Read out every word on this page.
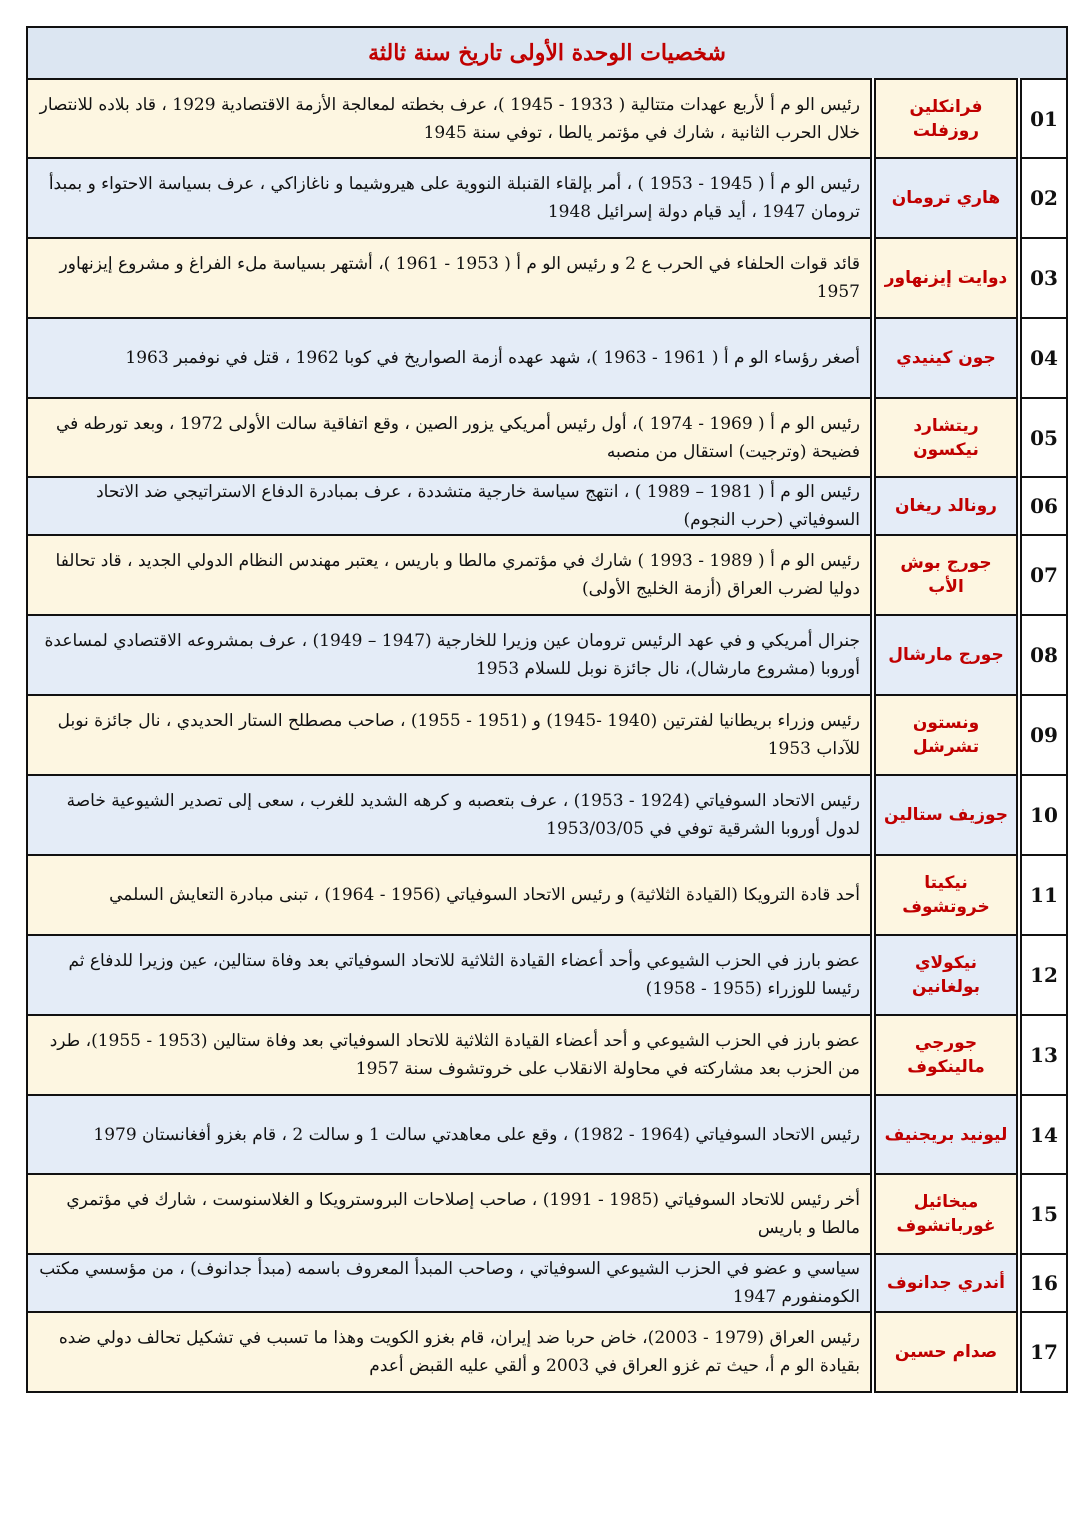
شخصيات الوحدة الأولى تاريخ سنة ثالثة		
01	فرانكلين روزفلت	رئيس الو م أ لأربع عهدات متتالية ( 1933 - 1945 )، عرف بخطته لمعالجة الأزمة الاقتصادية 1929 ، قاد بلاده للانتصار خلال الحرب الثانية ، شارك في مؤتمر يالطا ، توفي سنة 1945
02	هاري ترومان	رئيس الو م أ ( 1945 - 1953 ) ، أمر بإلقاء القنبلة النووية على هيروشيما و ناغازاكي ، عرف بسياسة الاحتواء و بمبدأ ترومان 1947 ، أيد قيام دولة إسرائيل 1948
03	دوايت إيزنهاور	قائد قوات الحلفاء في الحرب ع 2 و رئيس الو م أ ( 1953 - 1961 )، أشتهر بسياسة ملء الفراغ و مشروع إيزنهاور 1957
04	جون كينيدي	أصغر رؤساء الو م أ ( 1961 - 1963 )، شهد عهده أزمة الصواريخ في كوبا 1962 ، قتل في نوفمبر 1963
05	ريتشارد نيكسون	رئيس الو م أ ( 1969 - 1974 )، أول رئيس أمريكي يزور الصين ، وقع اتفاقية سالت الأولى 1972 ، وبعد تورطه في فضيحة (وترجيت) استقال من منصبه
06	رونالد ريغان	رئيس الو م أ ( 1981 – 1989 ) ، انتهج سياسة خارجية متشددة ، عرف بمبادرة الدفاع الاستراتيجي ضد الاتحاد السوفياتي (حرب النجوم)
07	جورج بوش الأب	رئيس الو م أ ( 1989 - 1993 ) شارك في مؤتمري مالطا و باريس ، يعتبر مهندس النظام الدولي الجديد ، قاد تحالفا دوليا لضرب العراق (أزمة الخليج الأولى)
08	جورج مارشال	جنرال أمريكي و في عهد الرئيس ترومان عين وزيرا للخارجية (1947 – 1949) ، عرف بمشروعه الاقتصادي لمساعدة أوروبا (مشروع مارشال)، نال جائزة نوبل للسلام 1953
09	ونستون تشرشل	رئيس وزراء بريطانيا لفترتين (1940 -1945) و (1951 - 1955) ، صاحب مصطلح الستار الحديدي ، نال جائزة نوبل للآداب 1953
10	جوزيف ستالين	رئيس الاتحاد السوفياتي (1924 - 1953) ، عرف بتعصبه و كرهه الشديد للغرب ، سعى إلى تصدير الشيوعية خاصة لدول أوروبا الشرقية توفي في 1953/03/05
11	نيكيتا خروتشوف	أحد قادة الترويكا (القيادة الثلاثية) و رئيس الاتحاد السوفياتي (1956 - 1964) ، تبنى مبادرة التعايش السلمي
12	نيكولاي بولغانين	عضو بارز في الحزب الشيوعي وأحد أعضاء القيادة الثلاثية للاتحاد السوفياتي بعد وفاة ستالين، عين وزيرا للدفاع ثم رئيسا للوزراء (1955 - 1958)
13	جورجي مالينكوف	عضو بارز في الحزب الشيوعي و أحد أعضاء القيادة الثلاثية للاتحاد السوفياتي بعد وفاة ستالين (1953 - 1955)، طرد من الحزب بعد مشاركته في محاولة الانقلاب على خروتشوف سنة 1957
14	ليونيد بريجنيف	رئيس الاتحاد السوفياتي (1964 - 1982) ، وقع على معاهدتي سالت 1 و سالت 2 ، قام بغزو أفغانستان 1979
15	ميخائيل غورباتشوف	أخر رئيس للاتحاد السوفياتي (1985 - 1991) ، صاحب إصلاحات البروسترويكا و الغلاسنوست ، شارك في مؤتمري مالطا و باريس
16	أندري جدانوف	سياسي و عضو في الحزب الشيوعي السوفياتي ، وصاحب المبدأ المعروف باسمه (مبدأ جدانوف) ، من مؤسسي مكتب الكومنفورم 1947
17	صدام حسين	رئيس العراق (1979 - 2003)، خاض حربا ضد إيران، قام بغزو الكويت وهذا ما تسبب في تشكيل تحالف دولي ضده بقيادة الو م أ، حيث تم غزو العراق في 2003 و ألقي عليه القبض أعدم
